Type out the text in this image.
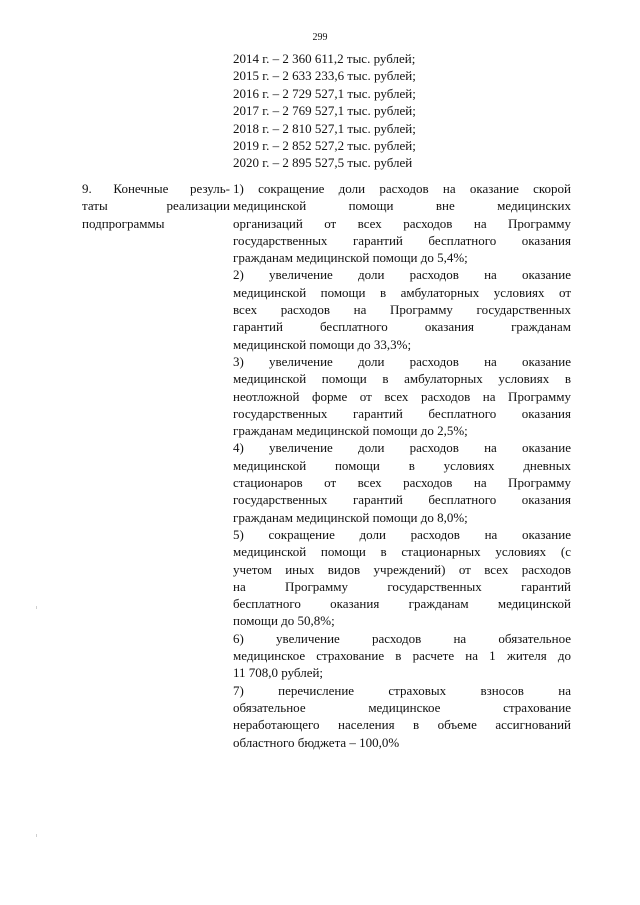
299
2014 г. – 2 360 611,2 тыс. рублей;
2015 г. – 2 633 233,6 тыс. рублей;
2016 г. – 2 729 527,1 тыс. рублей;
2017 г. – 2 769 527,1 тыс. рублей;
2018 г. – 2 810 527,1 тыс. рублей;
2019 г. – 2 852 527,2 тыс. рублей;
2020 г. – 2 895 527,5 тыс. рублей
9. Конечные резуль-
таты реализации
подпрограммы
1) сокращение доли расходов на оказание скорой
медицинской помощи вне медицинских
организаций от всех расходов на Программу
государственных гарантий бесплатного оказания
гражданам медицинской помощи до 5,4%;
2) увеличение доли расходов на оказание
медицинской помощи в амбулаторных условиях от
всех расходов на Программу государственных
гарантий бесплатного оказания гражданам
медицинской помощи до 33,3%;
3) увеличение доли расходов на оказание
медицинской помощи в амбулаторных условиях в
неотложной форме от всех расходов на Программу
государственных гарантий бесплатного оказания
гражданам медицинской помощи до 2,5%;
4) увеличение доли расходов на оказание
медицинской помощи в условиях дневных
стационаров от всех расходов на Программу
государственных гарантий бесплатного оказания
гражданам медицинской помощи до 8,0%;
5) сокращение доли расходов на оказание
медицинской помощи в стационарных условиях (с
учетом иных видов учреждений) от всех расходов
на Программу государственных гарантий
бесплатного оказания гражданам медицинской
помощи до 50,8%;
6) увеличение расходов на обязательное
медицинское страхование в расчете на 1 жителя до
11 708,0 рублей;
7) перечисление страховых взносов на
обязательное медицинское страхование
неработающего населения в объеме ассигнований
областного бюджета – 100,0%
